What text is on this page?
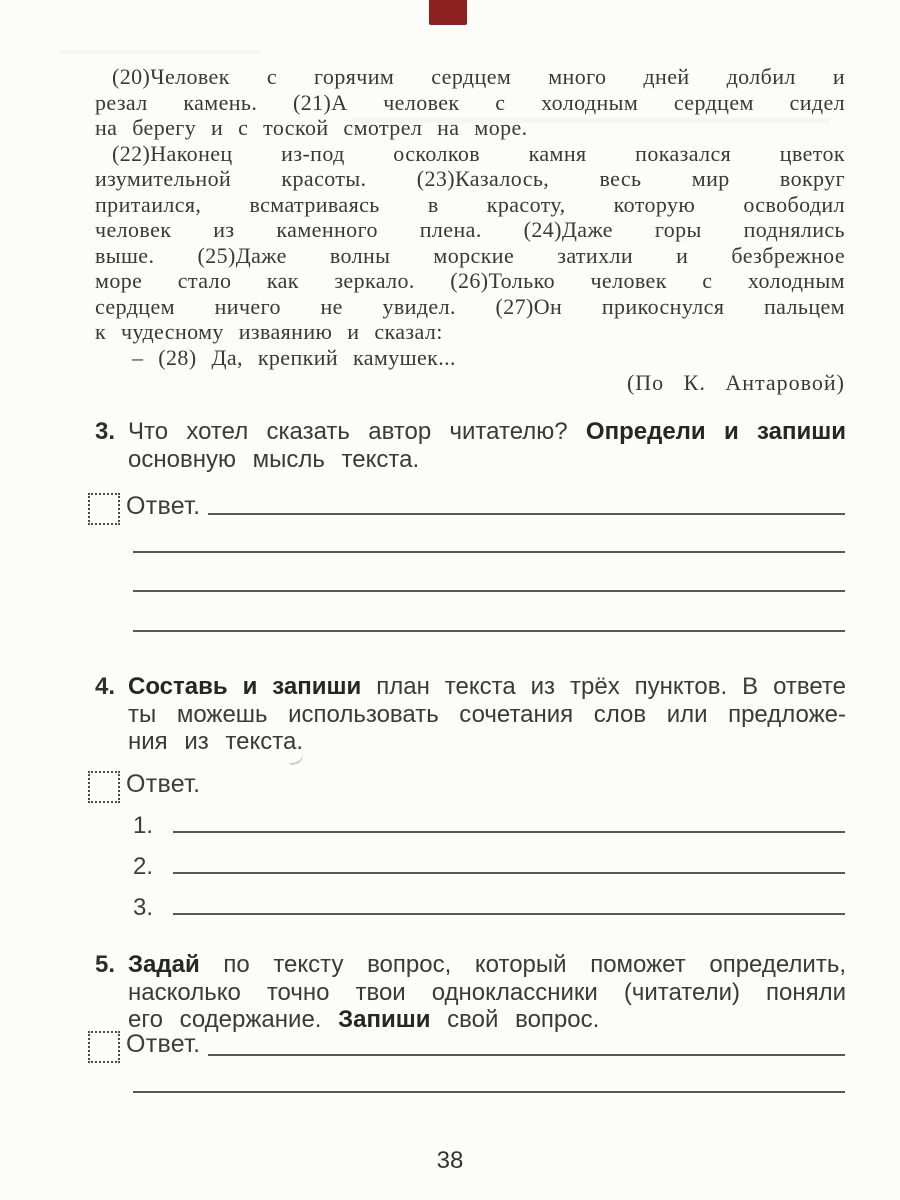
(20)Человек с горячим сердцем много дней долбил и
резал камень. (21)А человек с холодным сердцем сидел
на берегу и с тоской смотрел на море.
(22)Наконец из-под осколков камня показался цветок
изумительной красоты. (23)Казалось, весь мир вокруг
притаился, всматриваясь в красоту, которую освободил
человек из каменного плена. (24)Даже горы поднялись
выше. (25)Даже волны морские затихли и безбрежное
море стало как зеркало. (26)Только человек с холодным
сердцем ничего не увидел. (27)Он прикоснулся пальцем
к чудесному изваянию и сказал:
– (28) Да, крепкий камушек...
(По К. Антаровой)
3. Что хотел сказать автор читателю? Определи и запиши
основную мысль текста.
Ответ.
4. Составь и запиши план текста из трёх пунктов. В ответе
ты можешь использовать сочетания слов или предложе-
ния из текста.
Ответ.
1.
2.
3.
5. Задай по тексту вопрос, который поможет определить,
насколько точно твои одноклассники (читатели) поняли
его содержание. Запиши свой вопрос.
Ответ.
38
